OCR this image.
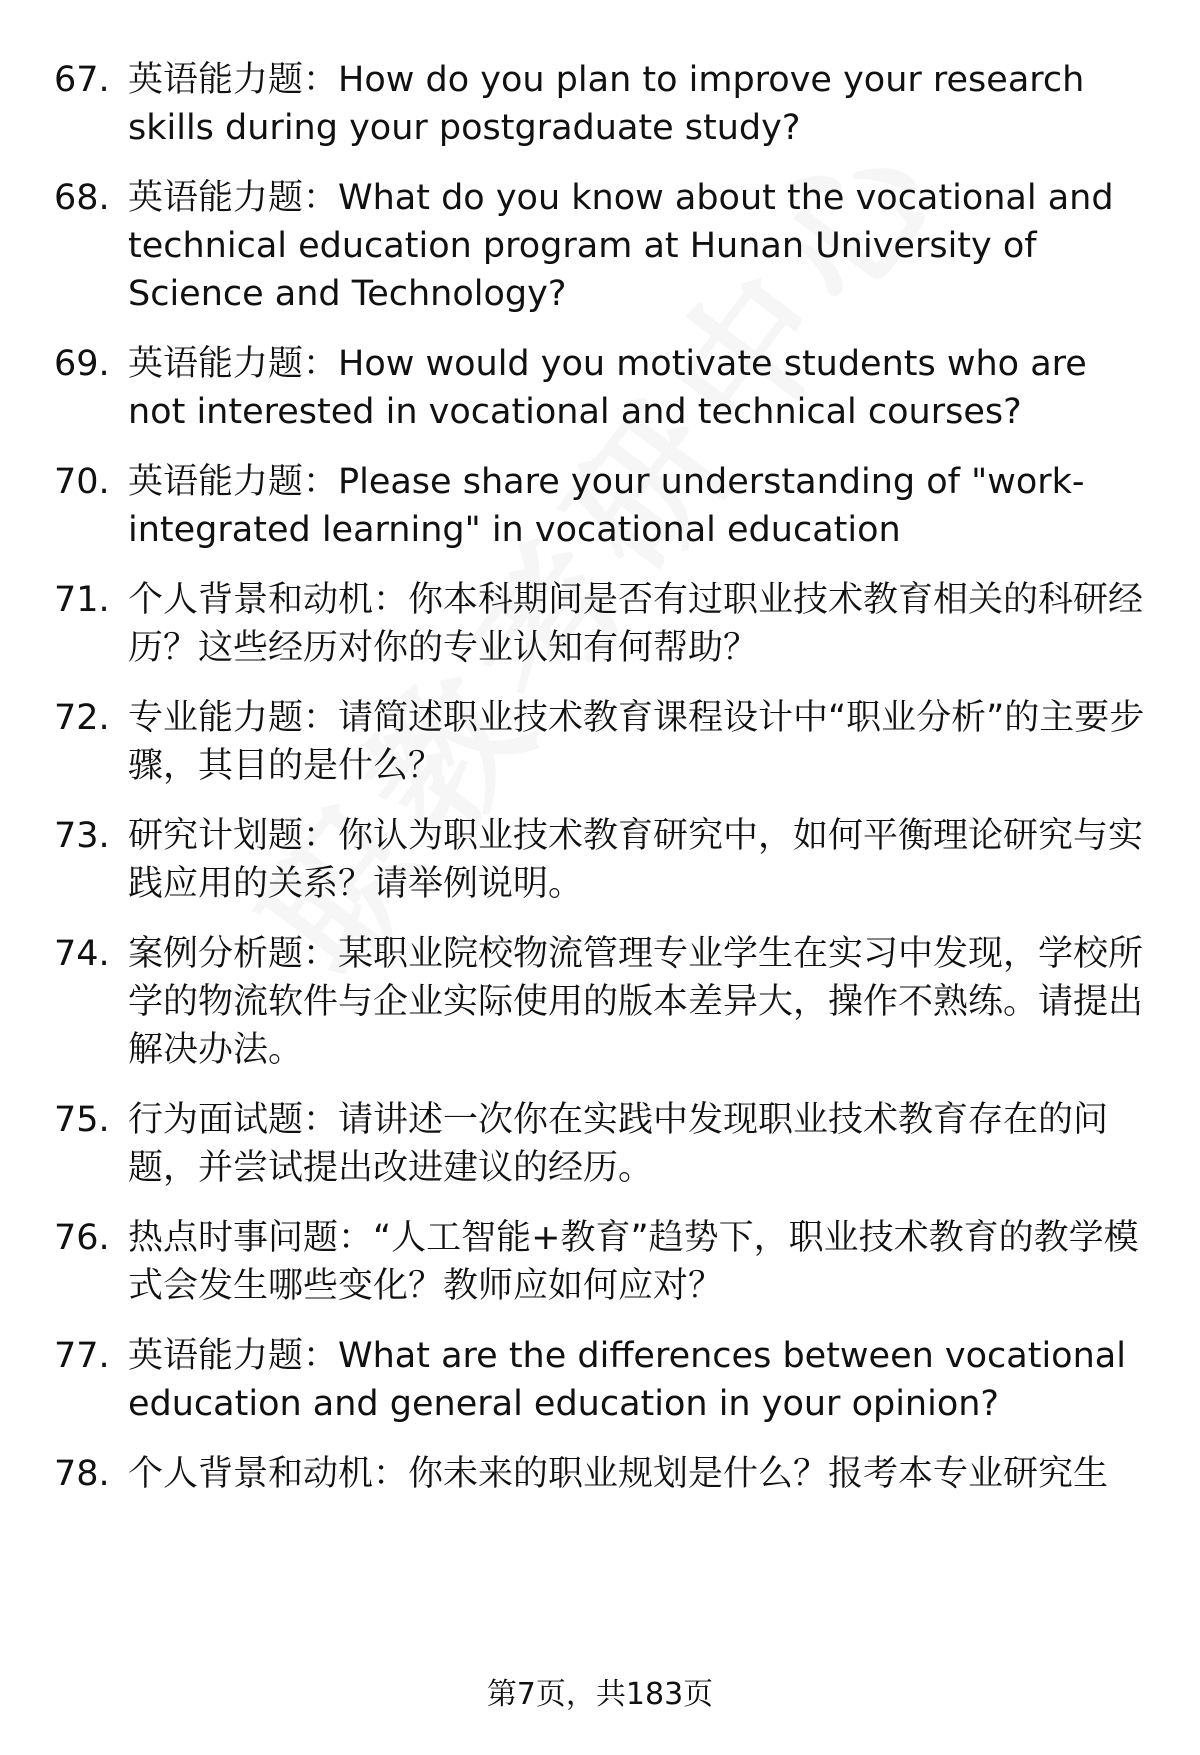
67. 英语能力题：How do you plan to improve your research skills during your postgraduate study?
68. 英语能力题：What do you know about the vocational and technical education program at Hunan University of Science and Technology?
69. 英语能力题：How would you motivate students who are not interested in vocational and technical courses?
70. 英语能力题：Please share your understanding of "work-integrated learning" in vocational education
71. 个人背景和动机：你本科期间是否有过职业技术教育相关的科研经历？这些经历对你的专业认知有何帮助？
72. 专业能力题：请简述职业技术教育课程设计中“职业分析”的主要步骤，其目的是什么？
73. 研究计划题：你认为职业技术教育研究中，如何平衡理论研究与实践应用的关系？请举例说明。
74. 案例分析题：某职业院校物流管理专业学生在实习中发现，学校所学的物流软件与企业实际使用的版本差异大，操作不熟练。请提出解决办法。
75. 行为面试题：请讲述一次你在实践中发现职业技术教育存在的问题，并尝试提出改进建议的经历。
76. 热点时事问题：“人工智能+教育”趋势下，职业技术教育的教学模式会发生哪些变化？教师应如何应对？
77. 英语能力题：What are the differences between vocational education and general education in your opinion?
78. 个人背景和动机：你未来的职业规划是什么？报考本专业研究生
第7页，共183页
